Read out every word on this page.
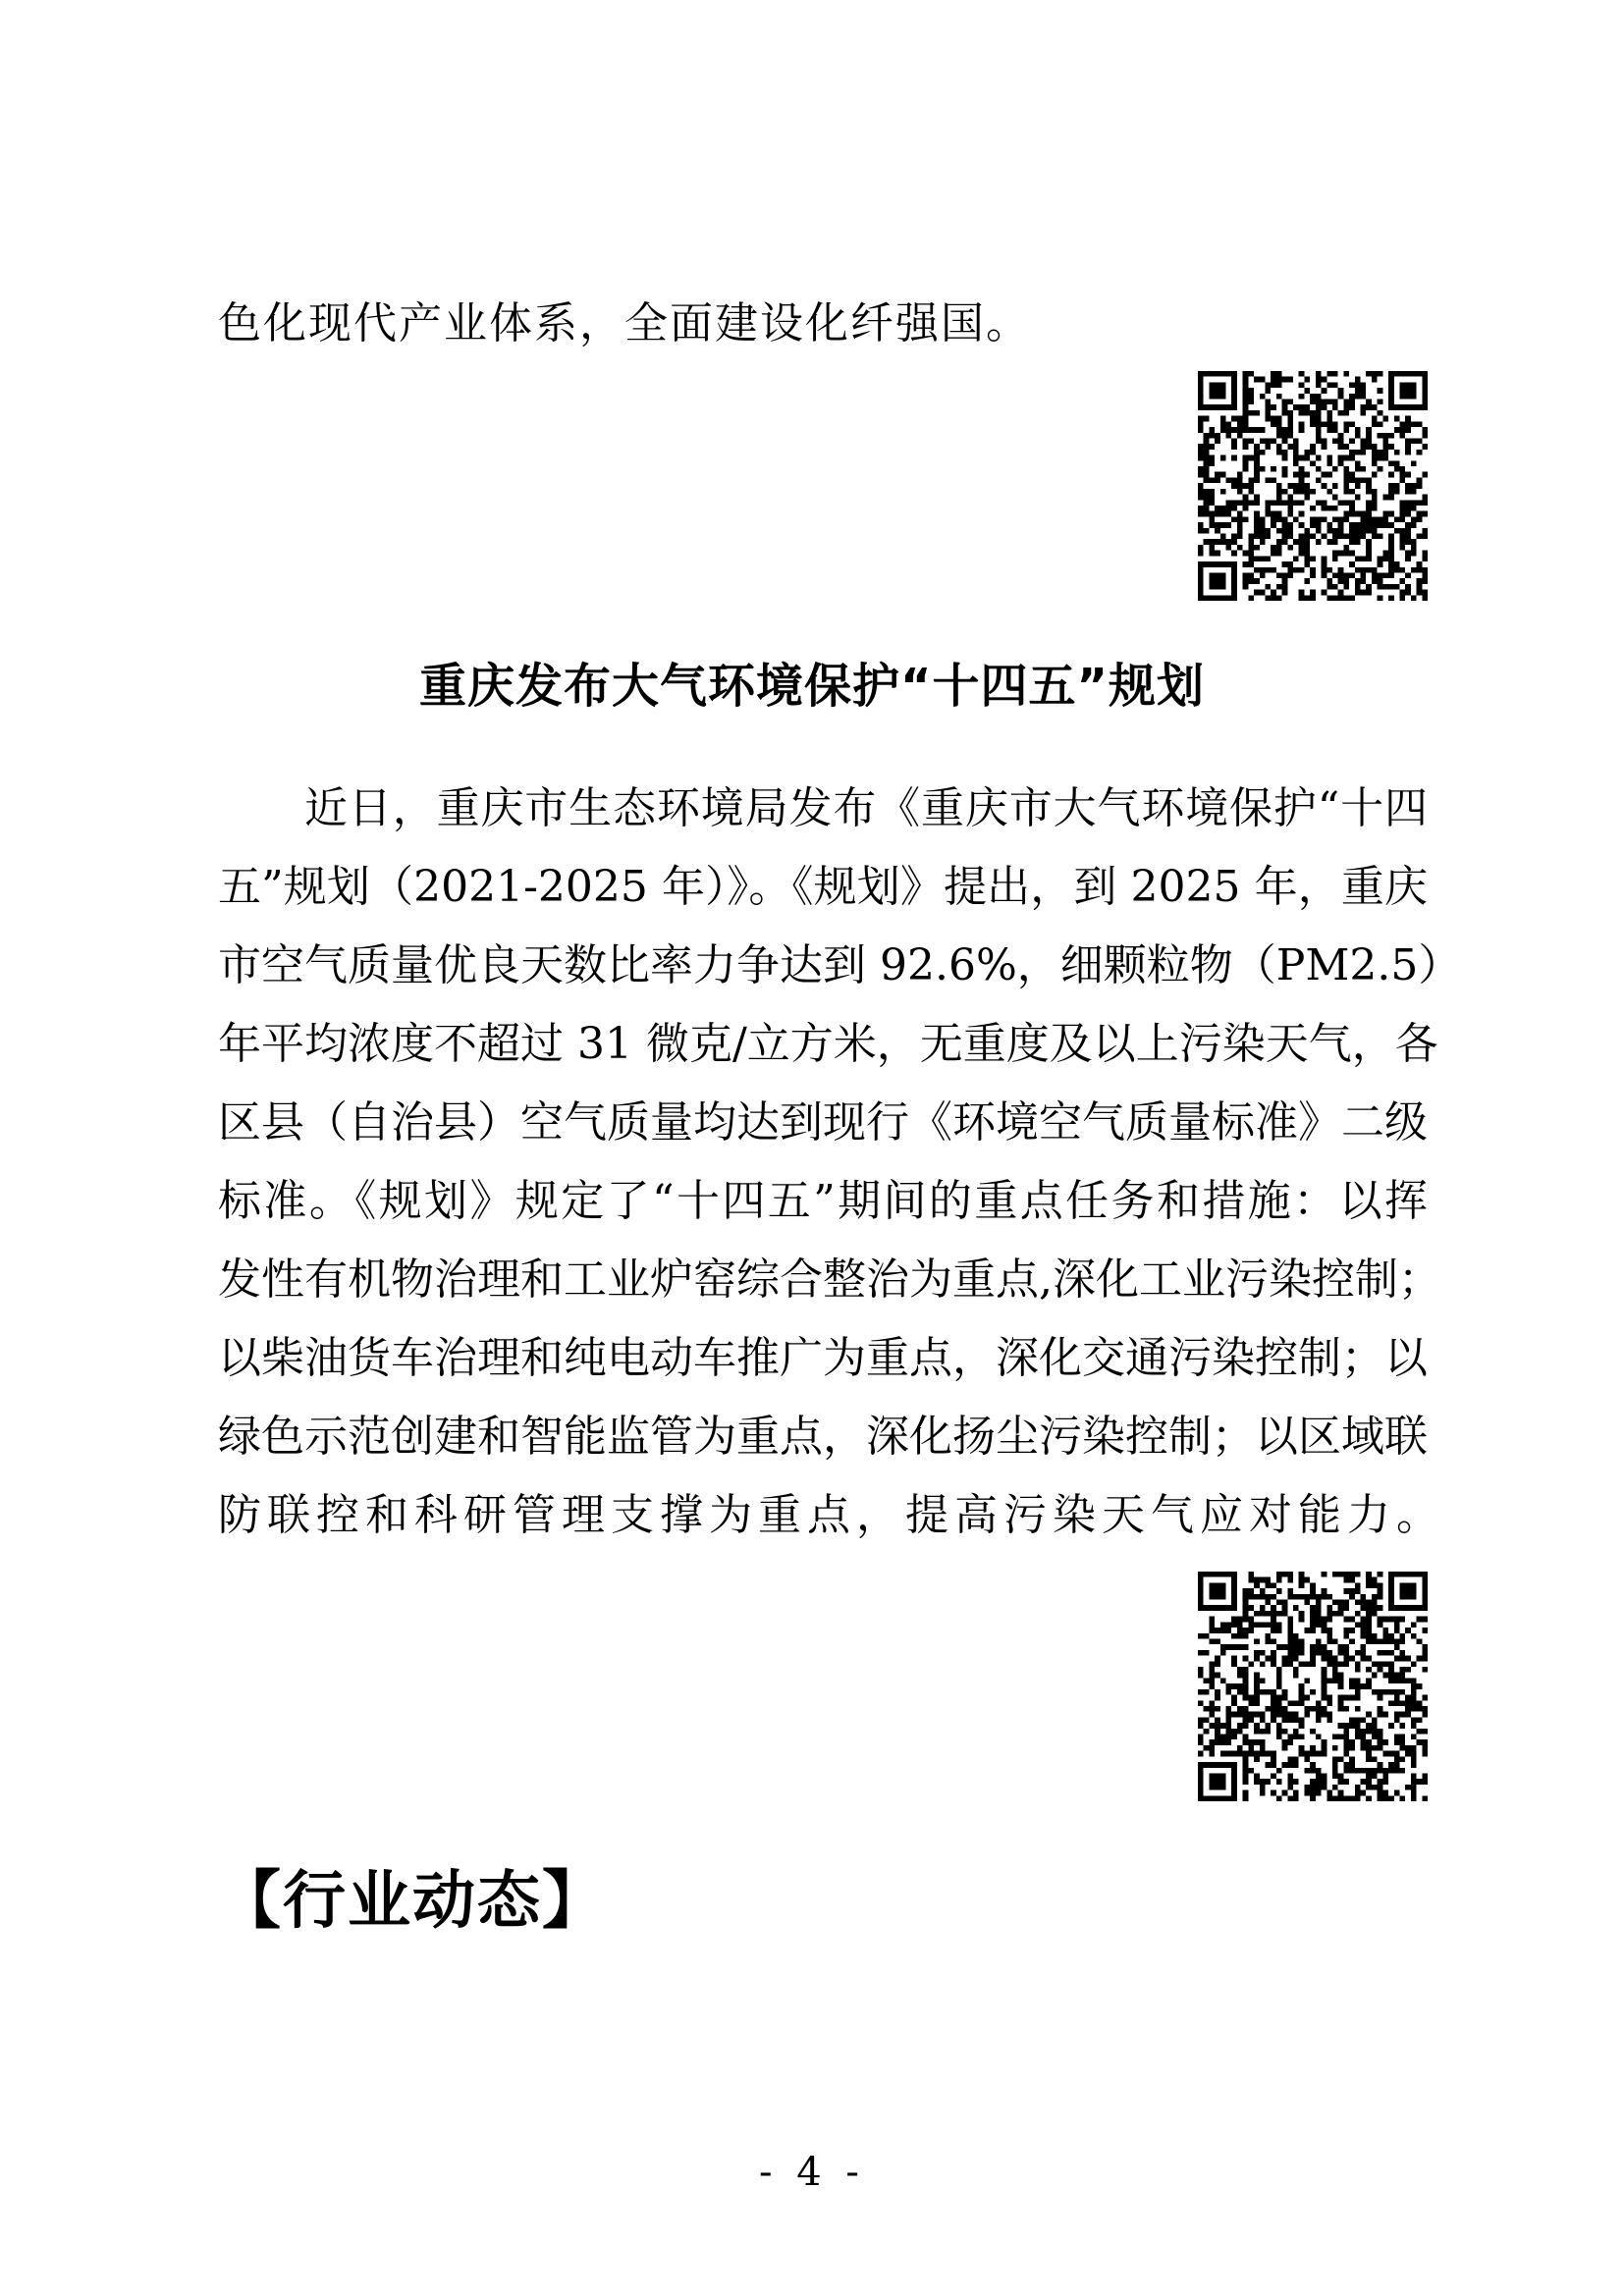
色化现代产业体系，全面建设化纤强国。
重庆发布大气环境保护“十四五”规划
近日，重庆市生态环境局发布《重庆市大气环境保护“十四
五”规划（2021-2025 年）》。《规划》提出，到 2025 年，重庆
市空气质量优良天数比率力争达到 92.6%，细颗粒物（PM2.5）
年平均浓度不超过 31 微克/立方米，无重度及以上污染天气，各
区县（自治县）空气质量均达到现行《环境空气质量标准》二级
标准。《规划》规定了“十四五”期间的重点任务和措施：以挥
发性有机物治理和工业炉窑综合整治为重点,深化工业污染控制；
以柴油货车治理和纯电动车推广为重点，深化交通污染控制；以
绿色示范创建和智能监管为重点，深化扬尘污染控制；以区域联
防联控和科研管理支撑为重点，提高污染天气应对能力。
【行业动态】
- 4 -
